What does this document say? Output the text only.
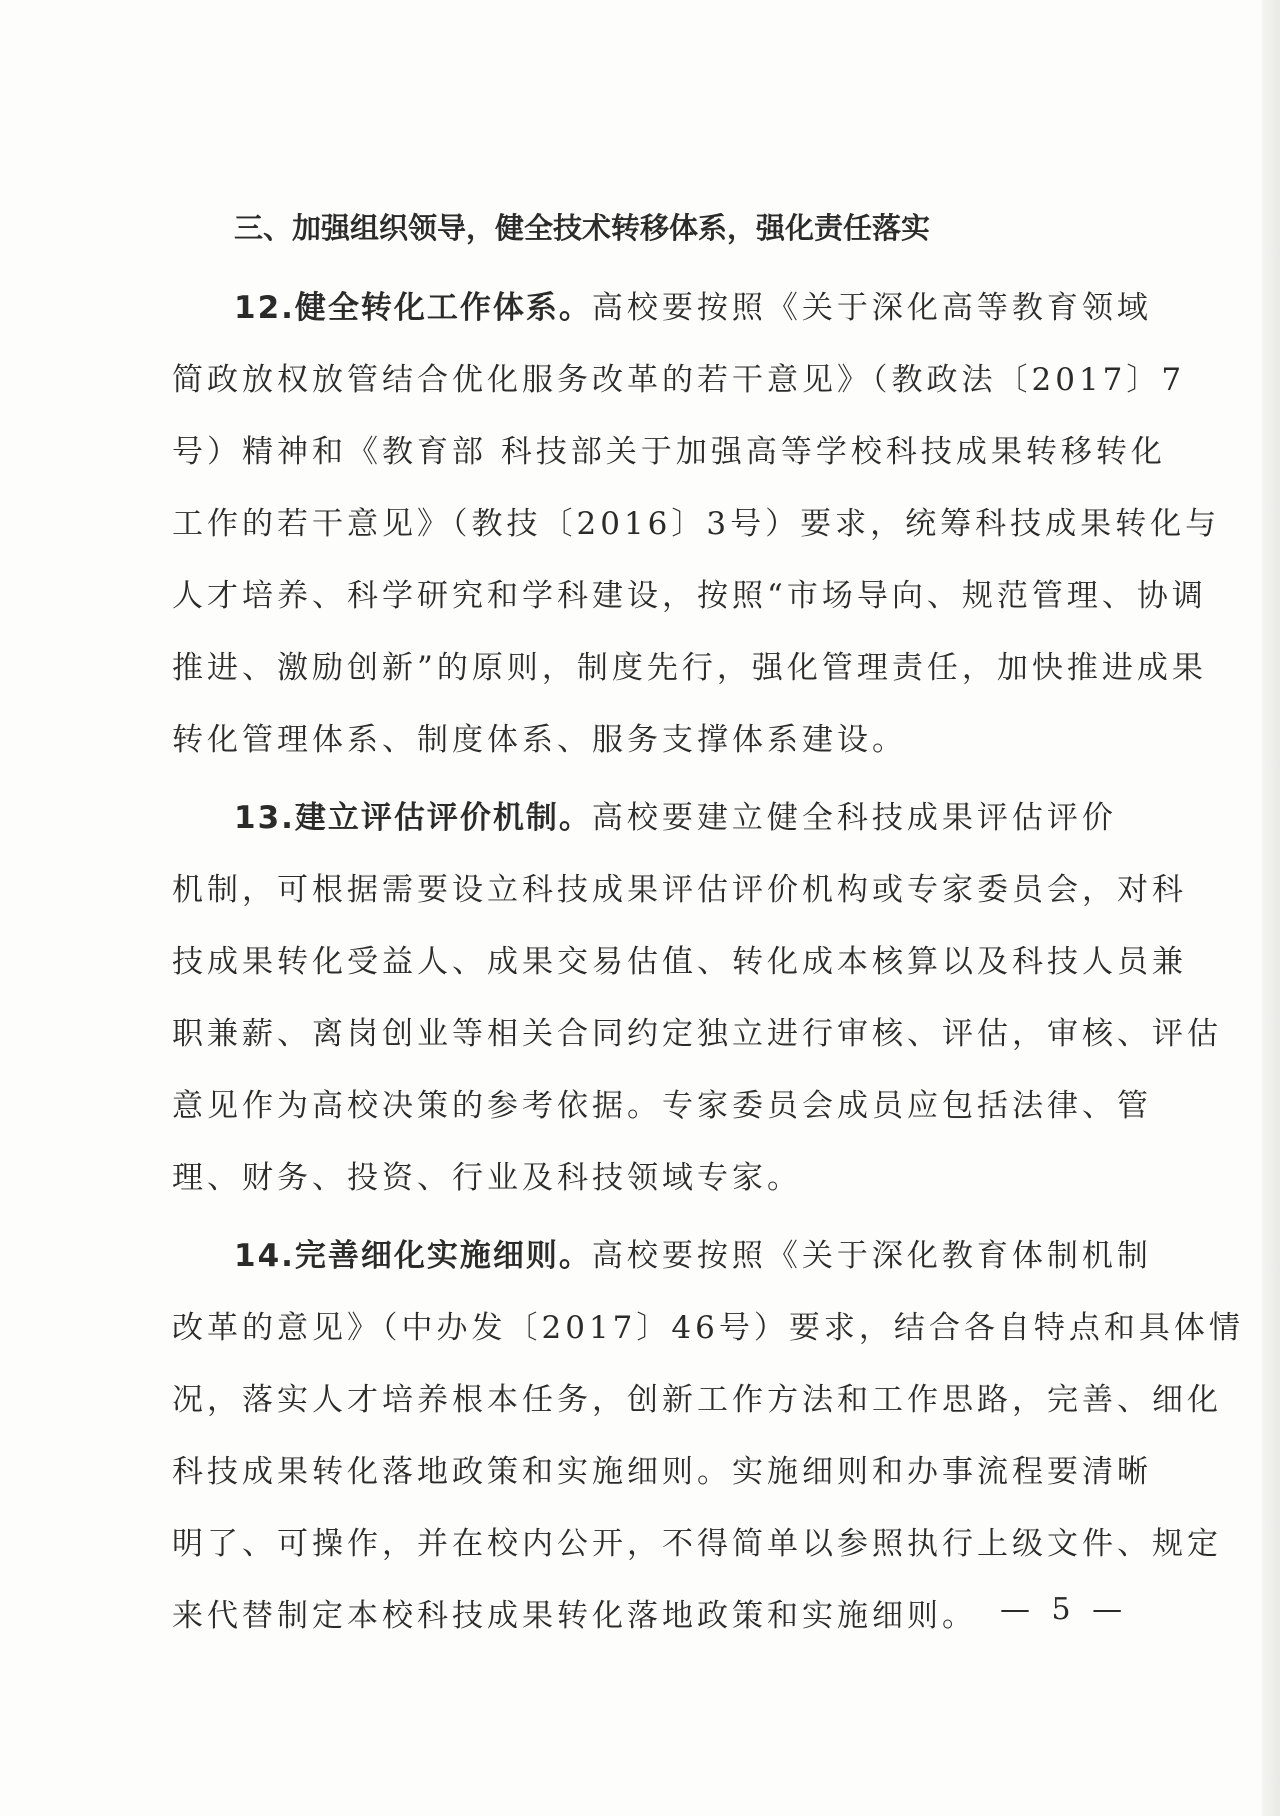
三、加强组织领导，健全技术转移体系，强化责任落实
12.健全转化工作体系。高校要按照《关于深化高等教育领域
简政放权放管结合优化服务改革的若干意见》（教政法〔2017〕7
号）精神和《教育部 科技部关于加强高等学校科技成果转移转化
工作的若干意见》（教技〔2016〕3号）要求，统筹科技成果转化与
人才培养、科学研究和学科建设，按照“市场导向、规范管理、协调
推进、激励创新”的原则，制度先行，强化管理责任，加快推进成果
转化管理体系、制度体系、服务支撑体系建设。
13.建立评估评价机制。高校要建立健全科技成果评估评价
机制，可根据需要设立科技成果评估评价机构或专家委员会，对科
技成果转化受益人、成果交易估值、转化成本核算以及科技人员兼
职兼薪、离岗创业等相关合同约定独立进行审核、评估，审核、评估
意见作为高校决策的参考依据。专家委员会成员应包括法律、管
理、财务、投资、行业及科技领域专家。
14.完善细化实施细则。高校要按照《关于深化教育体制机制
改革的意见》（中办发〔2017〕46号）要求，结合各自特点和具体情
况，落实人才培养根本任务，创新工作方法和工作思路，完善、细化
科技成果转化落地政策和实施细则。实施细则和办事流程要清晰
明了、可操作，并在校内公开，不得简单以参照执行上级文件、规定
来代替制定本校科技成果转化落地政策和实施细则。 — 5 —
